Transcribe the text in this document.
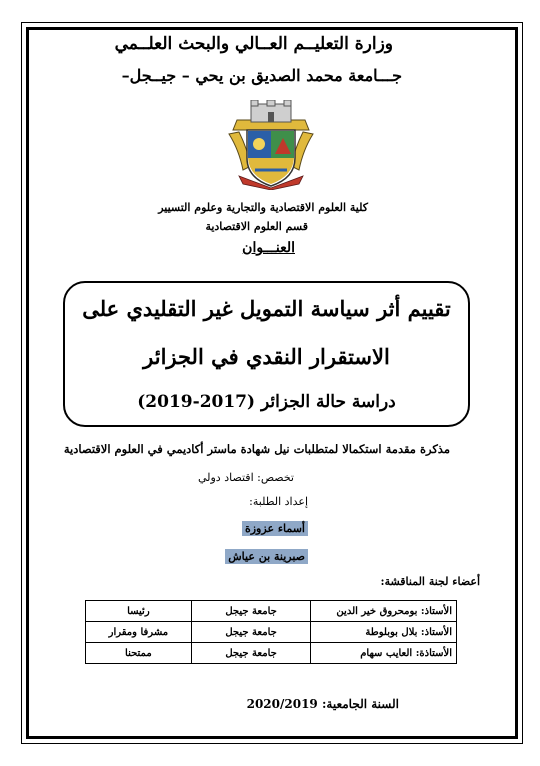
وزارة التعليــم العــالي والبحث العلــمي
جـــامعة محمد الصديق بن يحي – جيــجل–
كلية العلوم الاقتصادية والتجارية وعلوم التسيير
قسم العلوم الاقتصادية
العنـــوان
تقييم أثر سياسة التمويل غير التقليدي على
الاستقرار النقدي في الجزائر
دراسة حالة الجزائر (2017-2019)
مذكرة مقدمة استكمالا لمتطلبات نيل شهادة ماستر أكاديمي في العلوم الاقتصادية
تخصص: اقتصاد دولي
إعداد الطلبة:
أسماء عزوزة
صبرينة بن عياش
أعضاء لجنة المناقشة:
الأستاذ: بومحروق خير الدين	جامعة جيجل	رئيسا
الأستاذ: بلال بوبلوطة	جامعة جيجل	مشرفا ومقرار
الأستاذة: العايب سهام	جامعة جيجل	ممتحنا
السنة الجامعية: 2020/2019
